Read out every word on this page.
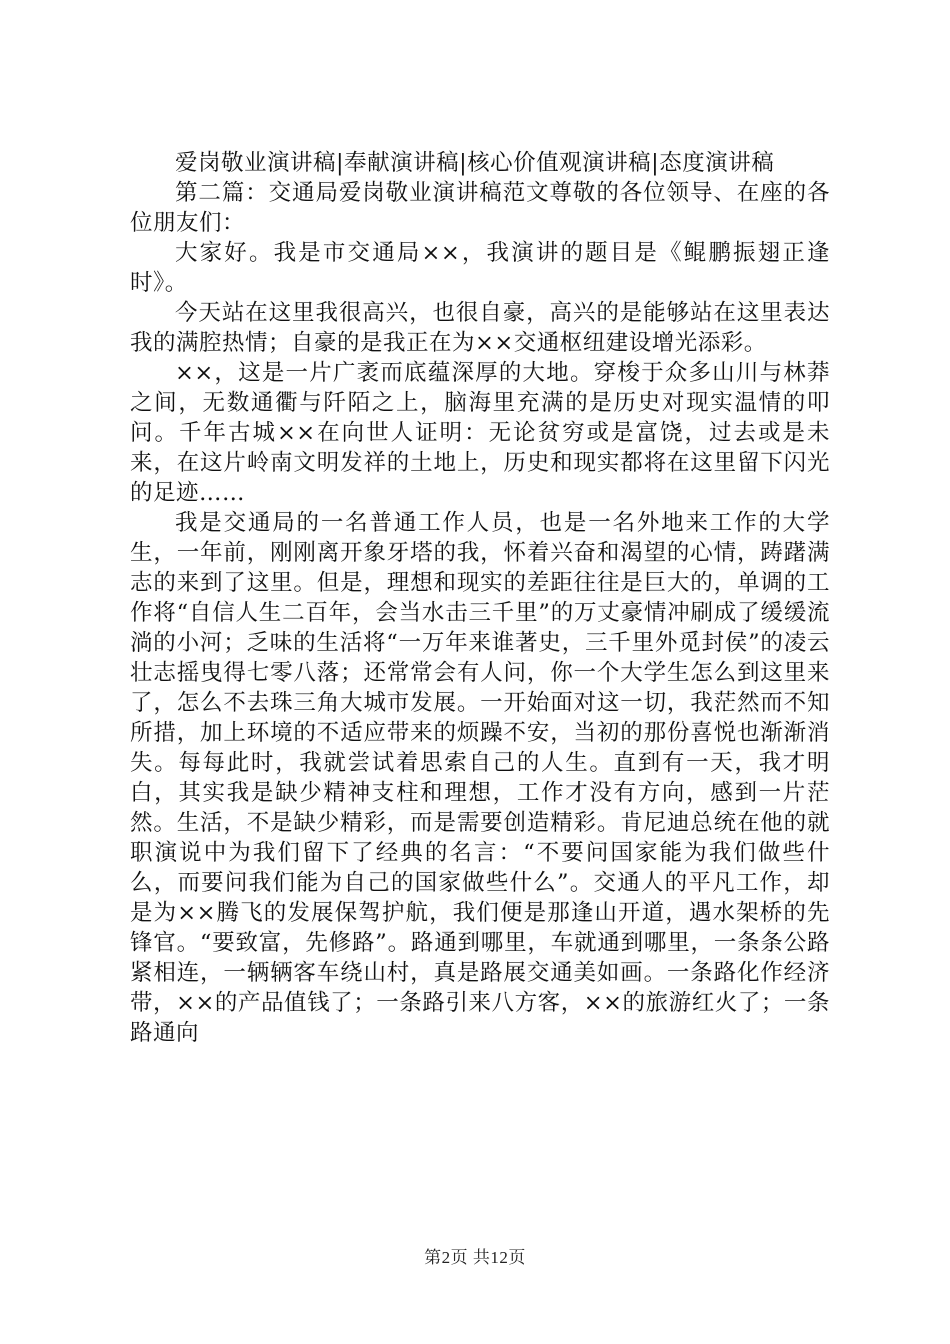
爱岗敬业演讲稿|奉献演讲稿|核心价值观演讲稿|态度演讲稿

第二篇：交通局爱岗敬业演讲稿范文尊敬的各位领导、在座的各位朋友们：

大家好。我是市交通局××，我演讲的题目是《鲲鹏振翅正逢时》。

今天站在这里我很高兴，也很自豪，高兴的是能够站在这里表达我的满腔热情；自豪的是我正在为××交通枢纽建设增光添彩。

××，这是一片广袤而底蕴深厚的大地。穿梭于众多山川与林莽之间，无数通衢与阡陌之上，脑海里充满的是历史对现实温情的叩问。千年古城××在向世人证明：无论贫穷或是富饶，过去或是未来，在这片岭南文明发祥的土地上，历史和现实都将在这里留下闪光的足迹……

我是交通局的一名普通工作人员，也是一名外地来工作的大学生，一年前，刚刚离开象牙塔的我，怀着兴奋和渴望的心情，踌躇满志的来到了这里。但是，理想和现实的差距往往是巨大的，单调的工作将“自信人生二百年，会当水击三千里”的万丈豪情冲刷成了缓缓流淌的小河；乏味的生活将“一万年来谁著史，三千里外觅封侯”的凌云壮志摇曳得七零八落；还常常会有人问，你一个大学生怎么到这里来了，怎么不去珠三角大城市发展。一开始面对这一切，我茫然而不知所措，加上环境的不适应带来的烦躁不安，当初的那份喜悦也渐渐消失。每每此时，我就尝试着思索自己的人生。直到有一天，我才明白，其实我是缺少精神支柱和理想，工作才没有方向，感到一片茫然。生活，不是缺少精彩，而是需要创造精彩。肯尼迪总统在他的就职演说中为我们留下了经典的名言：“不要问国家能为我们做些什么，而要问我们能为自己的国家做些什么”。交通人的平凡工作，却是为××腾飞的发展保驾护航，我们便是那逢山开道，遇水架桥的先锋官。“要致富，先修路”。路通到哪里，车就通到哪里，一条条公路紧相连，一辆辆客车绕山村，真是路展交通美如画。一条路化作经济带，××的产品值钱了；一条路引来八方客，××的旅游红火了；一条路通向

第2页 共12页
